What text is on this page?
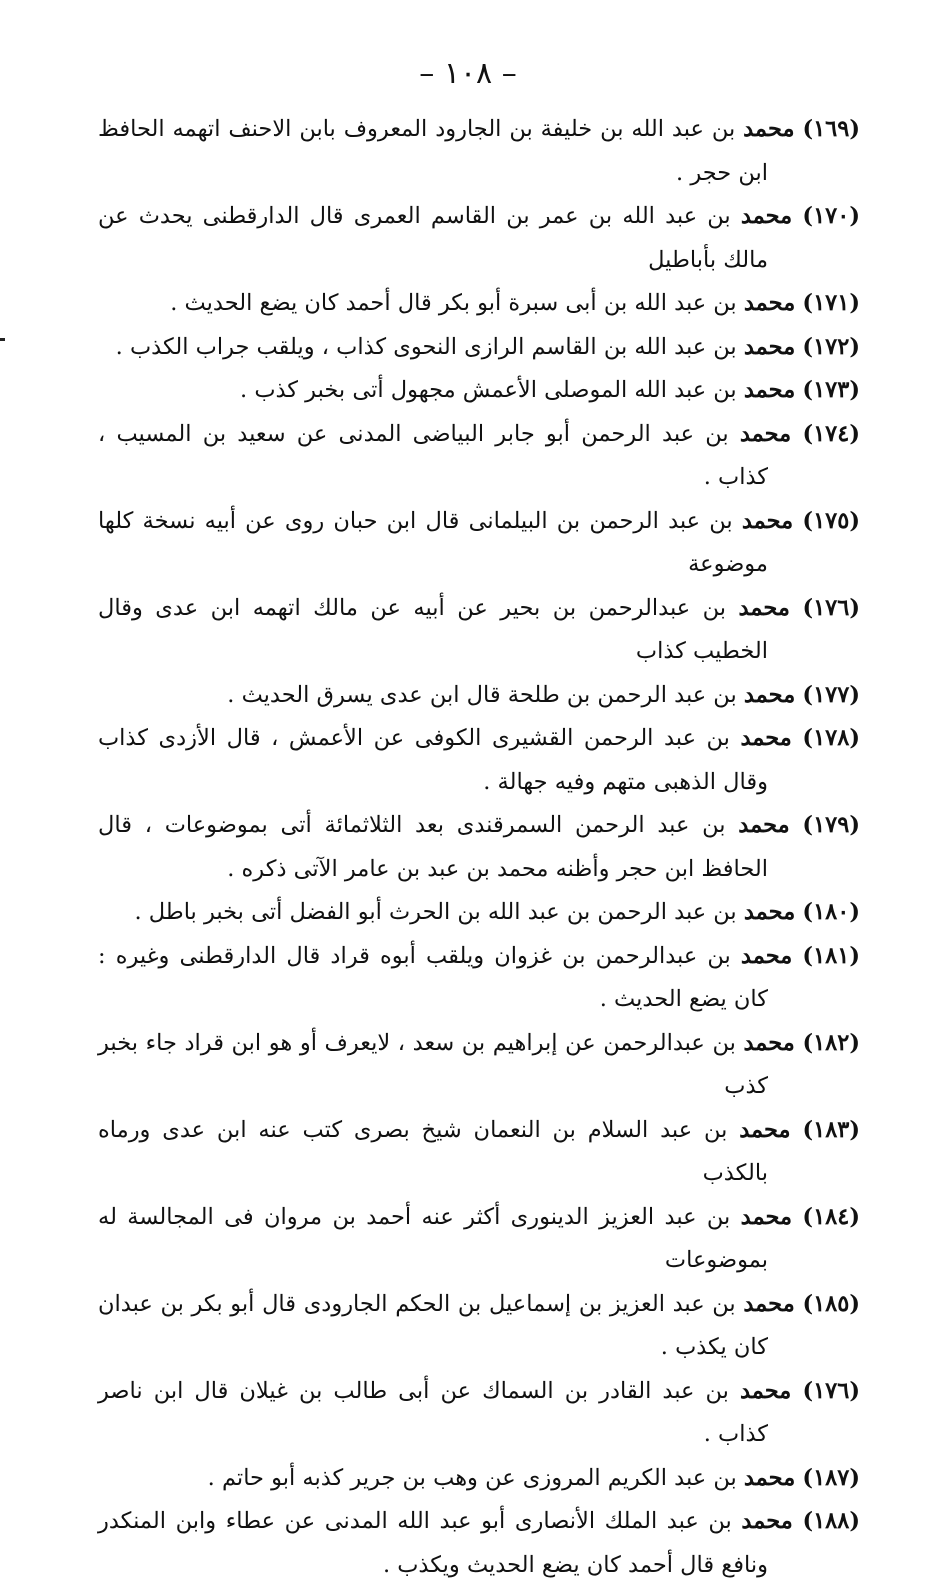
– ١٠٨ –
(١٦٩) محمد بن عبد الله بن خليفة بن الجارود المعروف بابن الاحنف اتهمه الحافظ ابن حجر .
(١٧٠) محمد بن عبد الله بن عمر بن القاسم العمرى قال الدارقطنى يحدث عن مالك بأباطيل
(١٧١) محمد بن عبد الله بن أبى سبرة أبو بكر قال أحمد كان يضع الحديث .
(١٧٢) محمد بن عبد الله بن القاسم الرازى النحوى كذاب ، ويلقب جراب الكذب .
(١٧٣) محمد بن عبد الله الموصلى الأعمش مجهول أتى بخبر كذب .
(١٧٤) محمد بن عبد الرحمن أبو جابر البياضى المدنى عن سعيد بن المسيب ، كذاب .
(١٧٥) محمد بن عبد الرحمن بن البيلمانى قال ابن حبان روى عن أبيه نسخة كلها موضوعة
(١٧٦) محمد بن عبدالرحمن بن بحير عن أبيه عن مالك اتهمه ابن عدى وقال الخطيب كذاب
(١٧٧) محمد بن عبد الرحمن بن طلحة قال ابن عدى يسرق الحديث .
(١٧٨) محمد بن عبد الرحمن القشيرى الكوفى عن الأعمش ، قال الأزدى كذاب وقال الذهبى متهم وفيه جهالة .
(١٧٩) محمد بن عبد الرحمن السمرقندى بعد الثلاثمائة أتى بموضوعات ، قال الحافظ ابن حجر وأظنه محمد بن عبد بن عامر الآتى ذكره .
(١٨٠) محمد بن عبد الرحمن بن عبد الله بن الحرث أبو الفضل أتى بخبر باطل .
(١٨١) محمد بن عبدالرحمن بن غزوان ويلقب أبوه قراد قال الدارقطنى وغيره : كان يضع الحديث .
(١٨٢) محمد بن عبدالرحمن عن إبراهيم بن سعد ، لايعرف أو هو ابن قراد جاء بخبر كذب
(١٨٣) محمد بن عبد السلام بن النعمان شيخ بصرى كتب عنه ابن عدى ورماه بالكذب
(١٨٤) محمد بن عبد العزيز الدينورى أكثر عنه أحمد بن مروان فى المجالسة له بموضوعات
(١٨٥) محمد بن عبد العزيز بن إسماعيل بن الحكم الجارودى قال أبو بكر بن عبدان كان يكذب .
(١٧٦) محمد بن عبد القادر بن السماك عن أبى طالب بن غيلان قال ابن ناصر كذاب .
(١٨٧) محمد بن عبد الكريم المروزى عن وهب بن جرير كذبه أبو حاتم .
(١٨٨) محمد بن عبد الملك الأنصارى أبو عبد الله المدنى عن عطاء وابن المنكدر ونافع قال أحمد كان يضع الحديث ويكذب .
